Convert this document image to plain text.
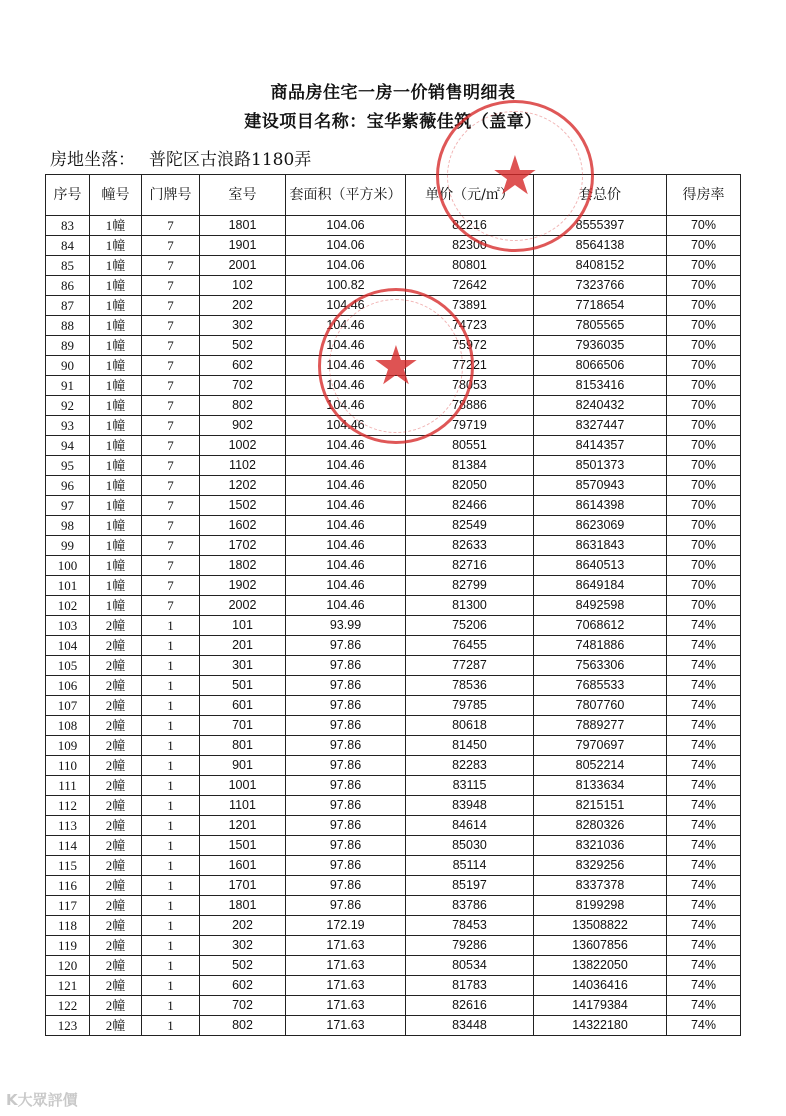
商品房住宅一房一价销售明细表
建设项目名称：宝华紫薇佳筑（盖章）
房地坐落： 普陀区古浪路1180弄
序号	幢号	门牌号	室号	套面积（平方米）	单价（元/㎡）	套总价	得房率
83	1幢	7	1801	104.06	82216	8555397	70%
84	1幢	7	1901	104.06	82300	8564138	70%
85	1幢	7	2001	104.06	80801	8408152	70%
86	1幢	7	102	100.82	72642	7323766	70%
87	1幢	7	202	104.46	73891	7718654	70%
88	1幢	7	302	104.46	74723	7805565	70%
89	1幢	7	502	104.46	75972	7936035	70%
90	1幢	7	602	104.46	77221	8066506	70%
91	1幢	7	702	104.46	78053	8153416	70%
92	1幢	7	802	104.46	78886	8240432	70%
93	1幢	7	902	104.46	79719	8327447	70%
94	1幢	7	1002	104.46	80551	8414357	70%
95	1幢	7	1102	104.46	81384	8501373	70%
96	1幢	7	1202	104.46	82050	8570943	70%
97	1幢	7	1502	104.46	82466	8614398	70%
98	1幢	7	1602	104.46	82549	8623069	70%
99	1幢	7	1702	104.46	82633	8631843	70%
100	1幢	7	1802	104.46	82716	8640513	70%
101	1幢	7	1902	104.46	82799	8649184	70%
102	1幢	7	2002	104.46	81300	8492598	70%
103	2幢	1	101	93.99	75206	7068612	74%
104	2幢	1	201	97.86	76455	7481886	74%
105	2幢	1	301	97.86	77287	7563306	74%
106	2幢	1	501	97.86	78536	7685533	74%
107	2幢	1	601	97.86	79785	7807760	74%
108	2幢	1	701	97.86	80618	7889277	74%
109	2幢	1	801	97.86	81450	7970697	74%
110	2幢	1	901	97.86	82283	8052214	74%
111	2幢	1	1001	97.86	83115	8133634	74%
112	2幢	1	1101	97.86	83948	8215151	74%
113	2幢	1	1201	97.86	84614	8280326	74%
114	2幢	1	1501	97.86	85030	8321036	74%
115	2幢	1	1601	97.86	85114	8329256	74%
116	2幢	1	1701	97.86	85197	8337378	74%
117	2幢	1	1801	97.86	83786	8199298	74%
118	2幢	1	202	172.19	78453	13508822	74%
119	2幢	1	302	171.63	79286	13607856	74%
120	2幢	1	502	171.63	80534	13822050	74%
121	2幢	1	602	171.63	81783	14036416	74%
122	2幢	1	702	171.63	82616	14179384	74%
123	2幢	1	802	171.63	83448	14322180	74%
★
★
K大眾評價
